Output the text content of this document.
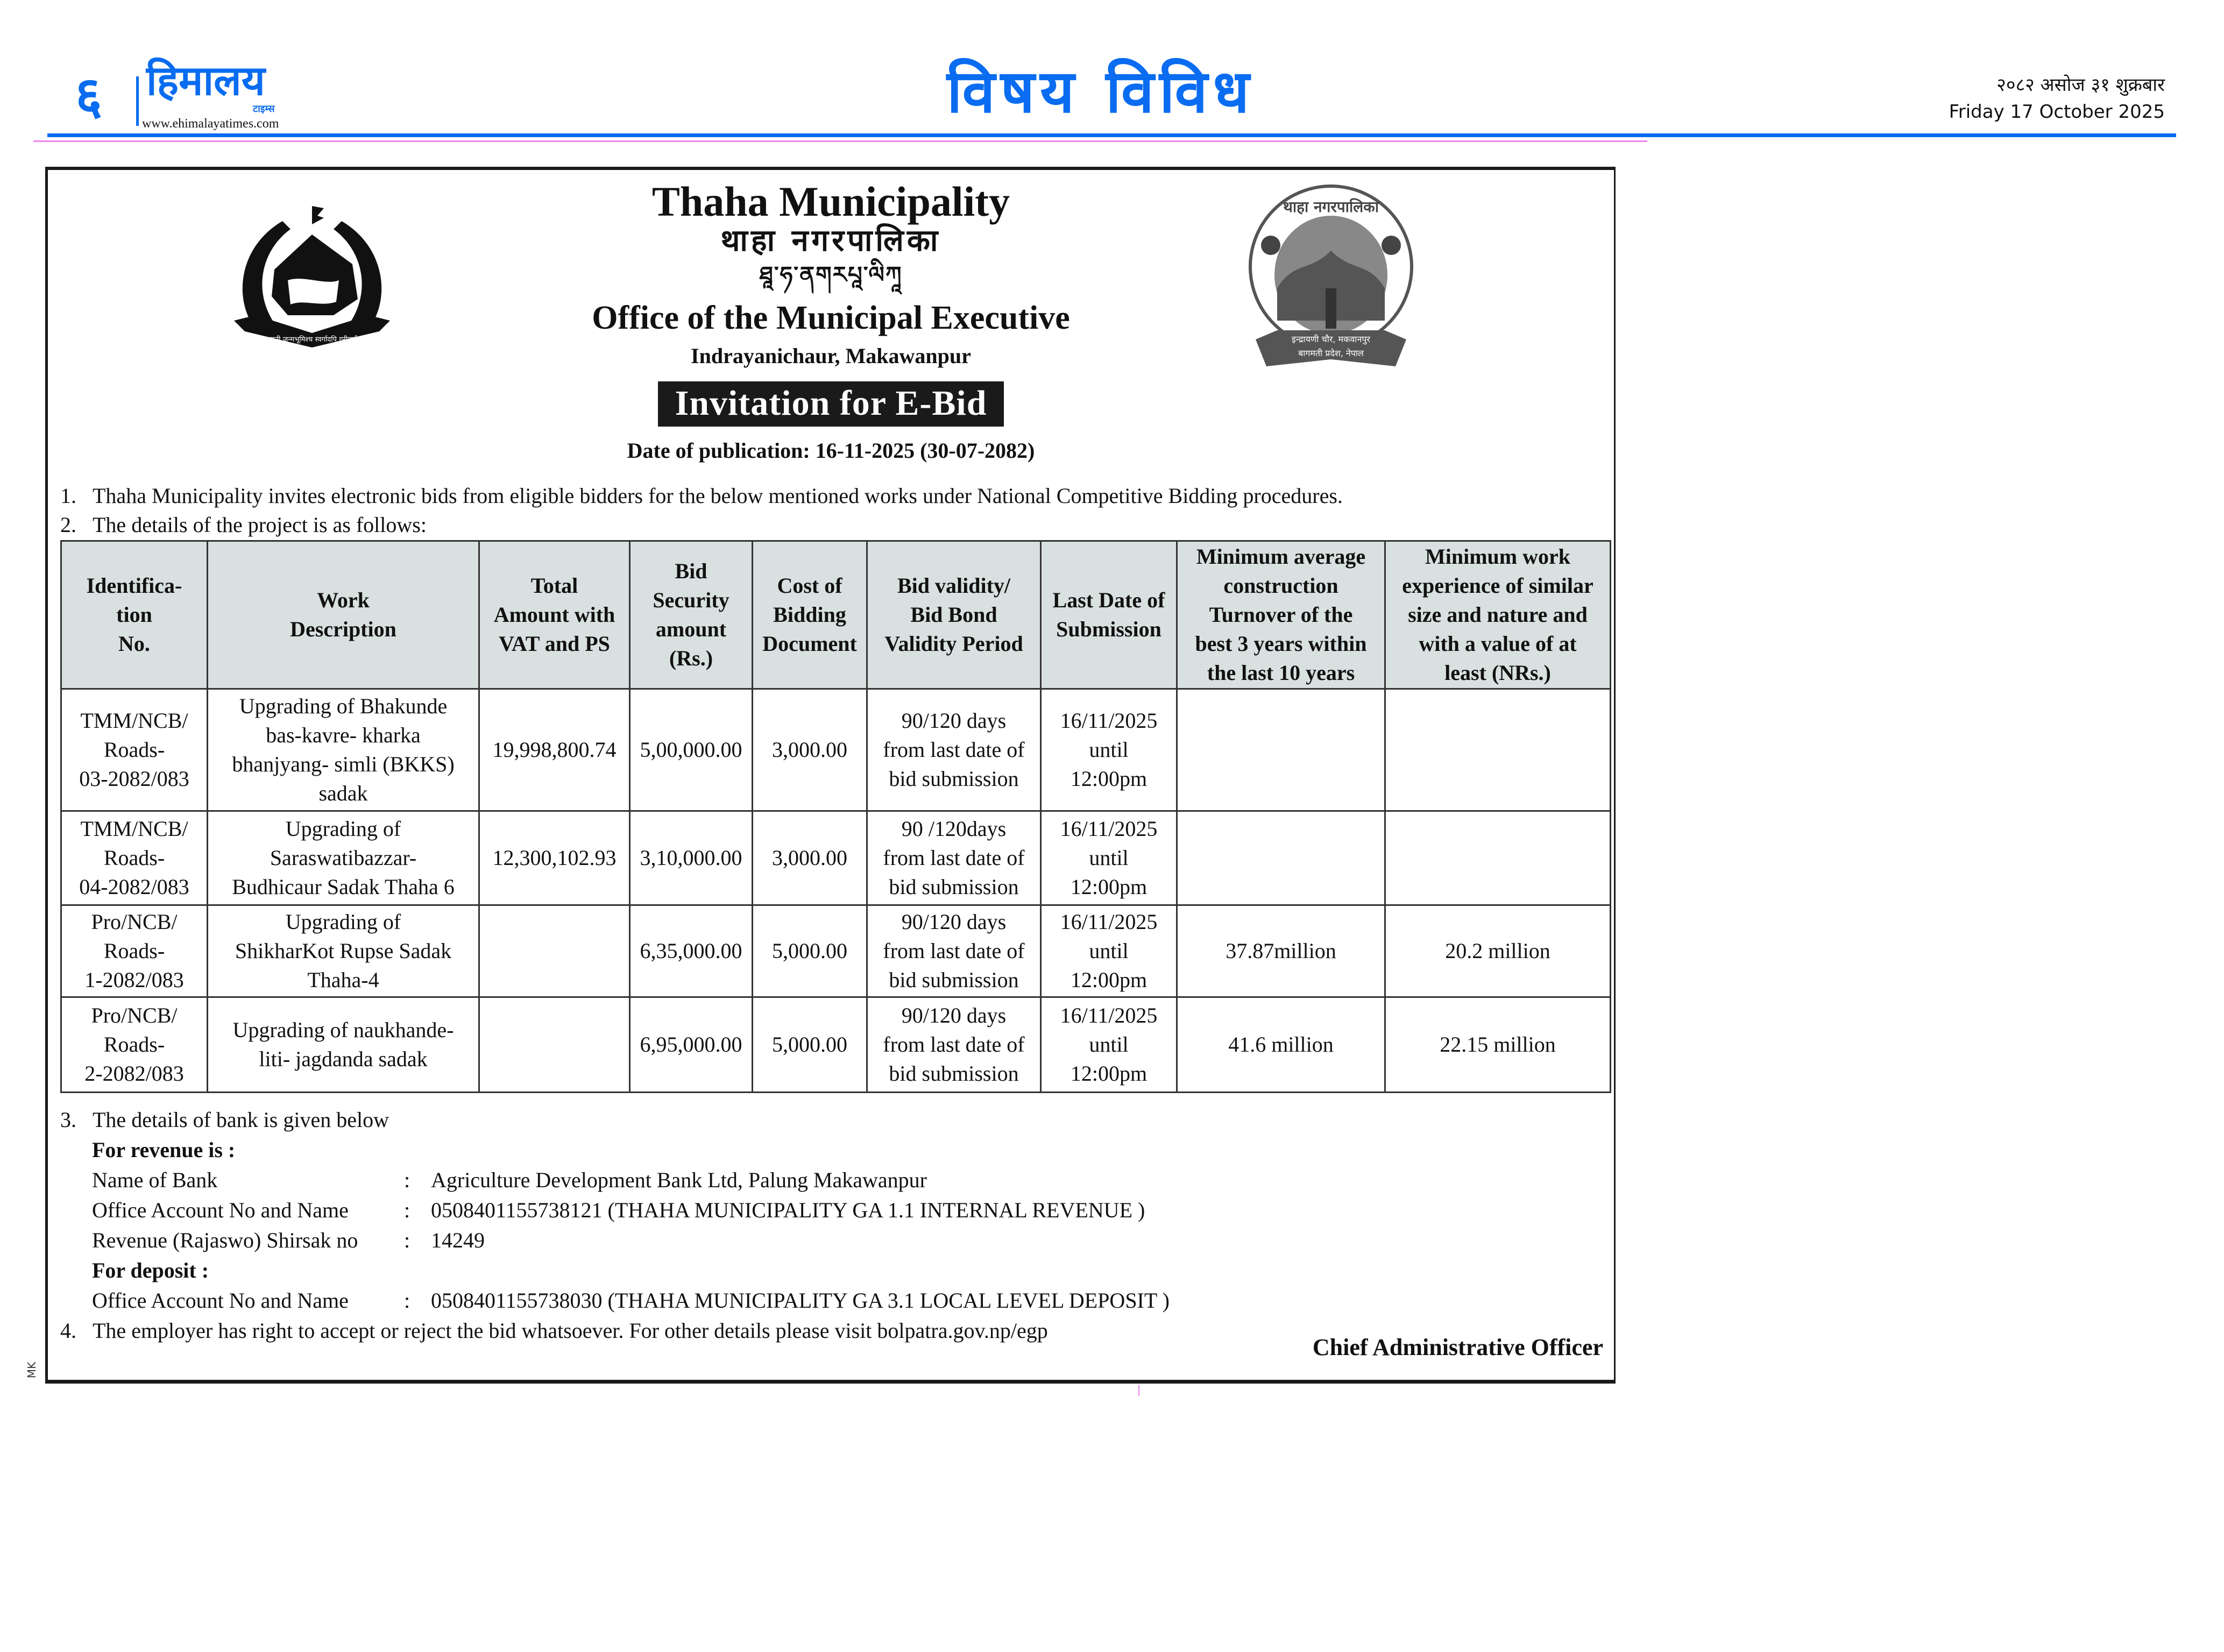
६ हिमालय
टाइम्स
www.ehimalayatimes.com	विषय विविध	२०८२ असोज ३१ शुक्रबार
Friday 17 October 2025
जननी जन्मभूमिश्च स्वर्गादपि गरीयसी
थाहा नगरपालिका
इन्द्रायणी चौर, मकवानपुर
बागमती प्रदेश, नेपाल
Thaha Municipality
थाहा नगरपालिका
ཐཱ་ཧ་ནགརཔཱ་ལིཀཱ
Office of the Municipal Executive
Indrayanichaur, Makawanpur
Invitation for E-Bid
Date of publication: 16-11-2025 (30-07-2082)
1. Thaha Municipality invites electronic bids from eligible bidders for the below mentioned works under National Competitive Bidding procedures.
2. The details of the project is as follows:
Identifica-
tion
No.	Work
Description	Total
Amount with
VAT and PS	Bid
Security
amount
(Rs.)	Cost of
Bidding
Document	Bid validity/
Bid Bond
Validity Period	Last Date of
Submission	Minimum average
construction
Turnover of the
best 3 years within
the last 10 years	Minimum work
experience of similar
size and nature and
with a value of at
least (NRs.)

TMM/NCB/
Roads-
03-2082/083	Upgrading of Bhakunde
bas-kavre- kharka
bhanjyang- simli (BKKS)
sadak	19,998,800.74	5,00,000.00	3,000.00	90/120 days
from last date of
bid submission	16/11/2025
until
12:00pm		

TMM/NCB/
Roads-
04-2082/083	Upgrading of
Saraswatibazzar-
Budhicaur Sadak Thaha 6	12,300,102.93	3,10,000.00	3,000.00	90 /120days
from last date of
bid submission	16/11/2025
until
12:00pm		

Pro/NCB/
Roads-
1-2082/083	Upgrading of
ShikharKot Rupse Sadak
Thaha-4		6,35,000.00	5,000.00	90/120 days
from last date of
bid submission	16/11/2025
until
12:00pm	37.87million	20.2 million

Pro/NCB/
Roads-
2-2082/083	Upgrading of naukhande-
liti- jagdanda sadak		6,95,000.00	5,000.00	90/120 days
from last date of
bid submission	16/11/2025
until
12:00pm	41.6 million	22.15 million
3. The details of bank is given below
For revenue is :
Name of Bank	: Agriculture Development Bank Ltd, Palung Makawanpur
Office Account No and Name	: 0508401155738121 (THAHA MUNICIPALITY GA 1.1 INTERNAL REVENUE )
Revenue (Rajaswo) Shirsak no	: 14249
For deposit :
Office Account No and Name	: 0508401155738030 (THAHA MUNICIPALITY GA 3.1 LOCAL LEVEL DEPOSIT )
4. The employer has right to accept or reject the bid whatsoever. For other details please visit bolpatra.gov.np/egp
Chief Administrative Officer
MK
